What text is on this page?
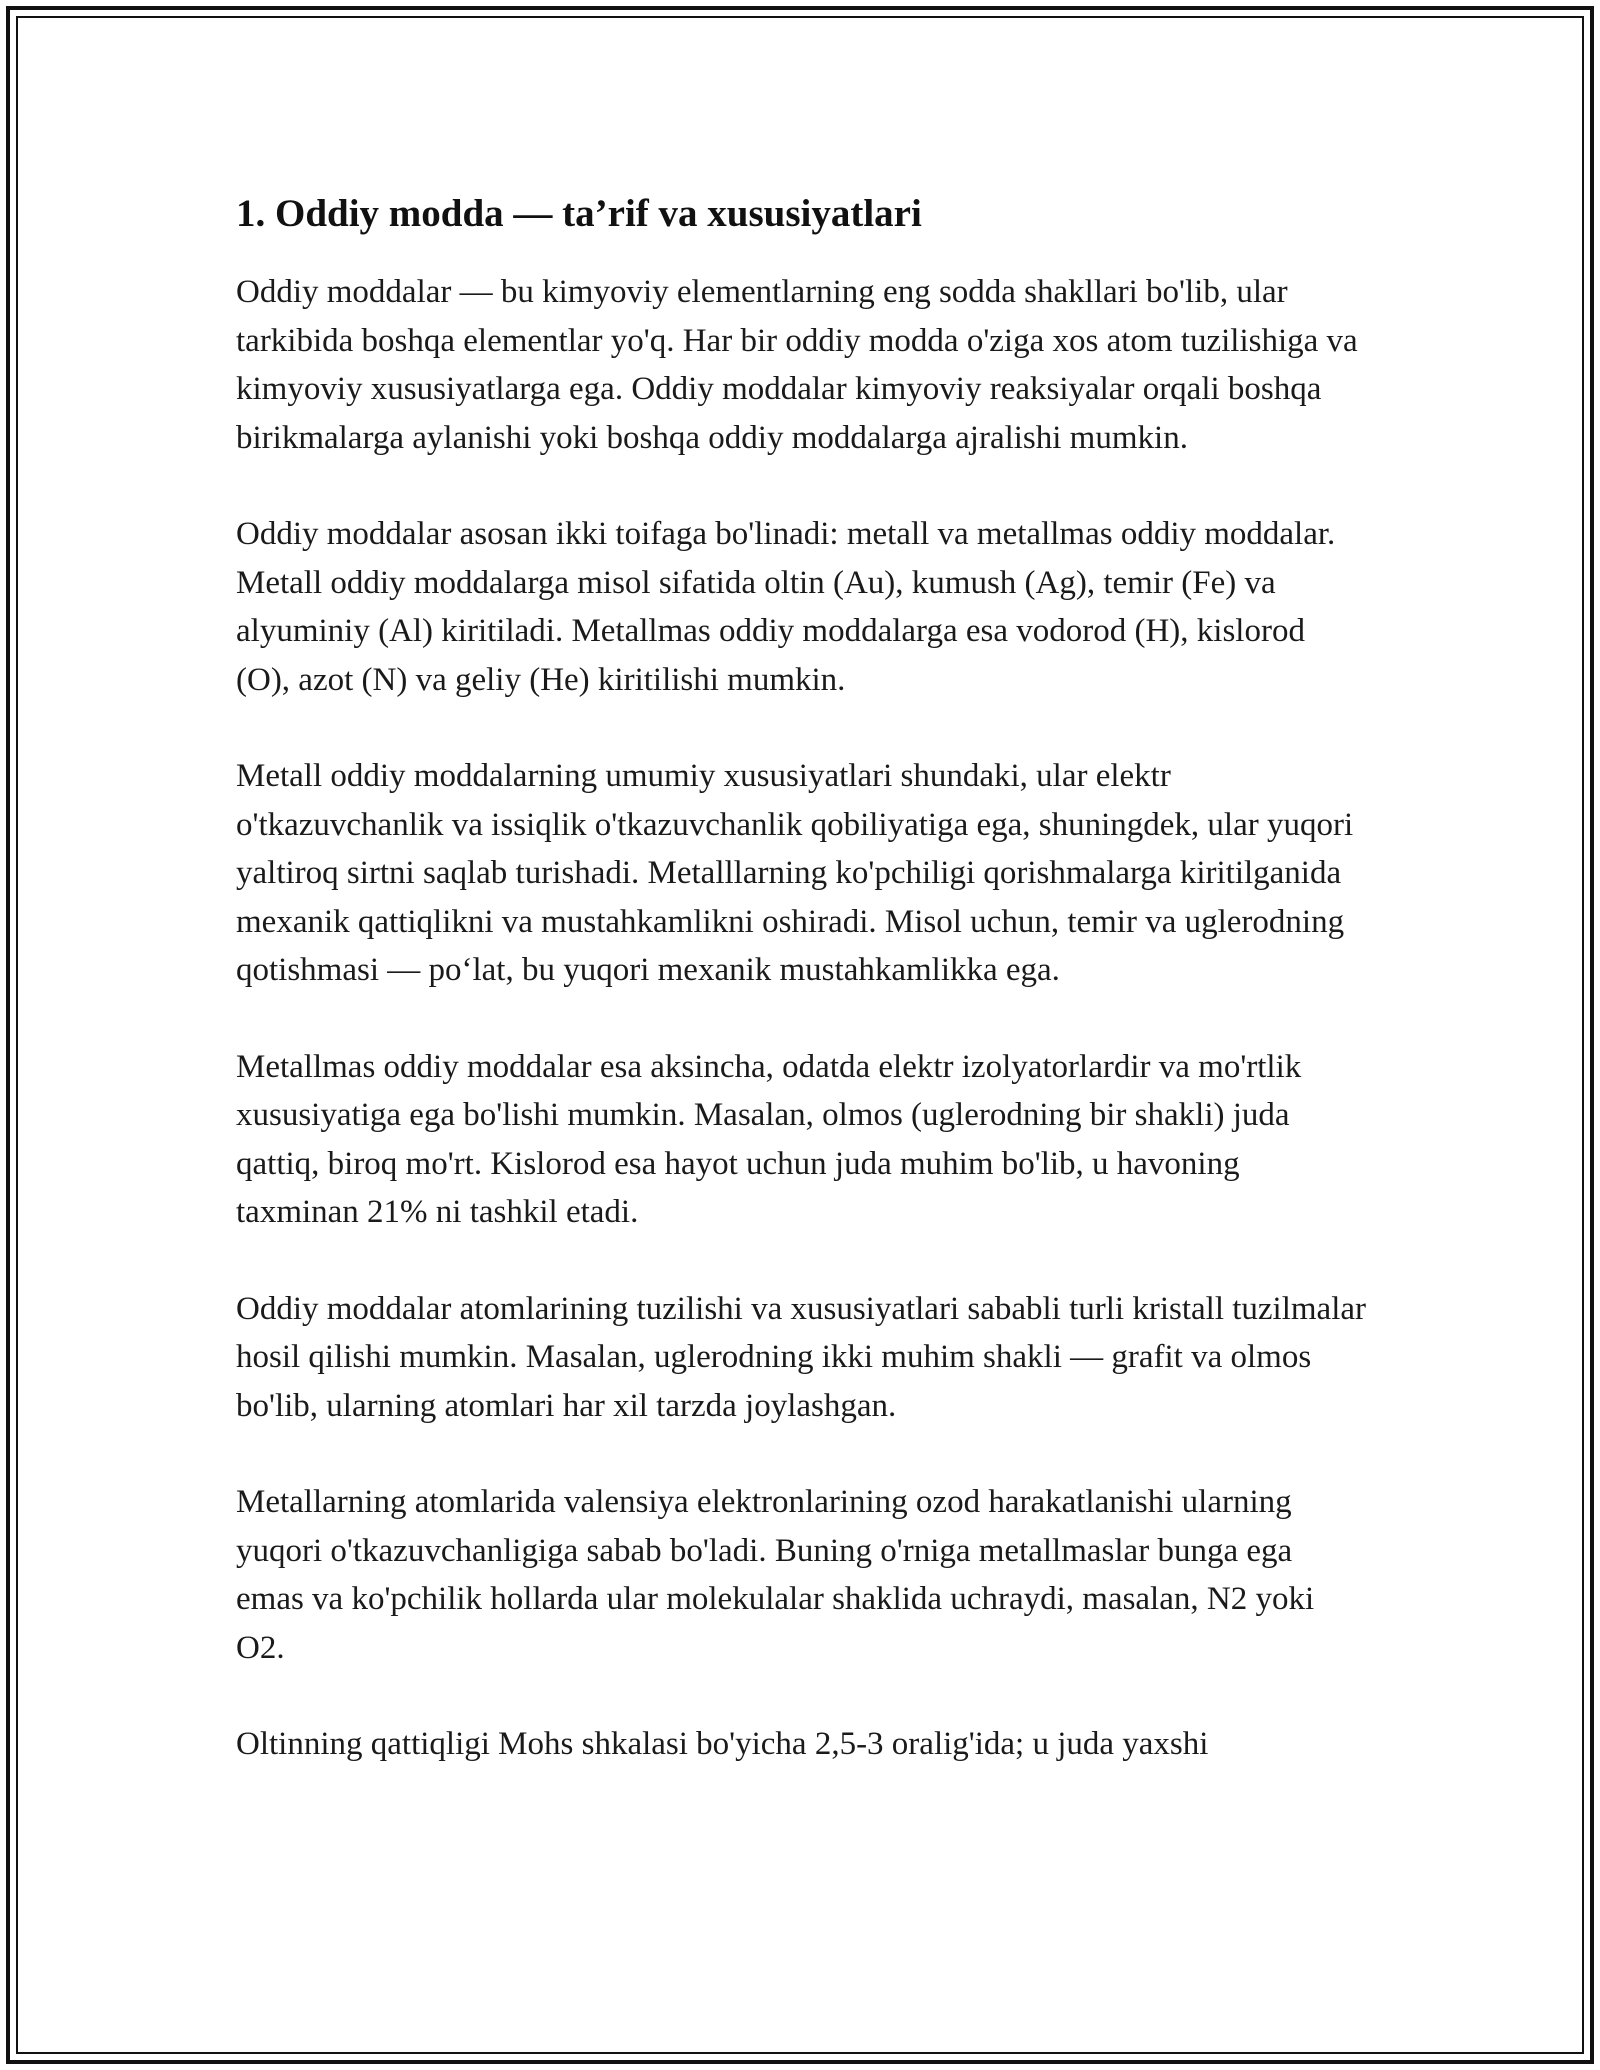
1. Oddiy modda — ta’rif va xususiyatlari

Oddiy moddalar — bu kimyoviy elementlarning eng sodda shakllari bo'lib, ular tarkibida boshqa elementlar yo'q. Har bir oddiy modda o'ziga xos atom tuzilishiga va kimyoviy xususiyatlarga ega. Oddiy moddalar kimyoviy reaksiyalar orqali boshqa birikmalarga aylanishi yoki boshqa oddiy moddalarga ajralishi mumkin.

Oddiy moddalar asosan ikki toifaga bo'linadi: metall va metallmas oddiy moddalar. Metall oddiy moddalarga misol sifatida oltin (Au), kumush (Ag), temir (Fe) va alyuminiy (Al) kiritiladi. Metallmas oddiy moddalarga esa vodorod (H), kislorod (O), azot (N) va geliy (He) kiritilishi mumkin.

Metall oddiy moddalarning umumiy xususiyatlari shundaki, ular elektr o'tkazuvchanlik va issiqlik o'tkazuvchanlik qobiliyatiga ega, shuningdek, ular yuqori yaltiroq sirtni saqlab turishadi. Metalllarning ko'pchiligi qorishmalarga kiritilganida mexanik qattiqlikni va mustahkamlikni oshiradi. Misol uchun, temir va uglerodning qotishmasi — po‘lat, bu yuqori mexanik mustahkamlikka ega.

Metallmas oddiy moddalar esa aksincha, odatda elektr izolyatorlardir va mo'rtlik xususiyatiga ega bo'lishi mumkin. Masalan, olmos (uglerodning bir shakli) juda qattiq, biroq mo'rt. Kislorod esa hayot uchun juda muhim bo'lib, u havoning taxminan 21% ni tashkil etadi.

Oddiy moddalar atomlarining tuzilishi va xususiyatlari sababli turli kristall tuzilmalar hosil qilishi mumkin. Masalan, uglerodning ikki muhim shakli — grafit va olmos bo'lib, ularning atomlari har xil tarzda joylashgan.

Metallarning atomlarida valensiya elektronlarining ozod harakatlanishi ularning yuqori o'tkazuvchanligiga sabab bo'ladi. Buning o'rniga metallmaslar bunga ega emas va ko'pchilik hollarda ular molekulalar shaklida uchraydi, masalan, N2 yoki O2.

Oltinning qattiqligi Mohs shkalasi bo'yicha 2,5-3 oralig'ida; u juda yaxshi
